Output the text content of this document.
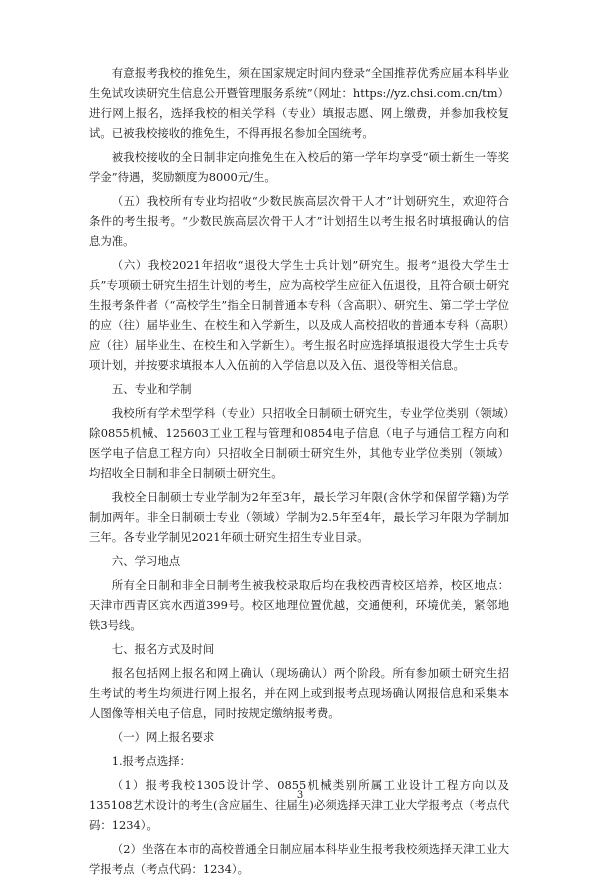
有意报考我校的推免生，须在国家规定时间内登录“全国推荐优秀应届本科毕业生免试攻读研究生信息公开暨管理服务系统”（网址：https://yz.chsi.com.cn/tm）进行网上报名，选择我校的相关学科（专业）填报志愿、网上缴费，并参加我校复试。已被我校接收的推免生，不得再报名参加全国统考。
被我校接收的全日制非定向推免生在入校后的第一学年均享受“硕士新生一等奖学金”待遇，奖励额度为8000元/生。
（五）我校所有专业均招收“少数民族高层次骨干人才”计划研究生，欢迎符合条件的考生报考。“少数民族高层次骨干人才”计划招生以考生报名时填报确认的信息为准。
（六）我校2021年招收“退役大学生士兵计划”研究生。报考“退役大学生士兵”专项硕士研究生招生计划的考生，应为高校学生应征入伍退役，且符合硕士研究生报考条件者（“高校学生”指全日制普通本专科（含高职）、研究生、第二学士学位的应（往）届毕业生、在校生和入学新生，以及成人高校招收的普通本专科（高职）应（往）届毕业生、在校生和入学新生）。考生报名时应选择填报退役大学生士兵专项计划，并按要求填报本人入伍前的入学信息以及入伍、退役等相关信息。
五、专业和学制
我校所有学术型学科（专业）只招收全日制硕士研究生，专业学位类别（领域）除0855机械、125603工业工程与管理和0854电子信息（电子与通信工程方向和医学电子信息工程方向）只招收全日制硕士研究生外，其他专业学位类别（领域）均招收全日制和非全日制硕士研究生。
我校全日制硕士专业学制为2年至3年，最长学习年限(含休学和保留学籍)为学制加两年。非全日制硕士专业（领域）学制为2.5年至4年，最长学习年限为学制加三年。各专业学制见2021年硕士研究生招生专业目录。
六、学习地点
所有全日制和非全日制考生被我校录取后均在我校西青校区培养，校区地点：天津市西青区宾水西道399号。校区地理位置优越，交通便利，环境优美，紧邻地铁3号线。
七、报名方式及时间
报名包括网上报名和网上确认（现场确认）两个阶段。所有参加硕士研究生招生考试的考生均须进行网上报名，并在网上或到报考点现场确认网报信息和采集本人图像等相关电子信息，同时按规定缴纳报考费。
（一）网上报名要求
1.报考点选择：
（1）报考我校1305设计学、0855机械类别所属工业设计工程方向以及135108艺术设计的考生(含应届生、往届生)必须选择天津工业大学报考点（考点代码：1234）。
（2）坐落在本市的高校普通全日制应届本科毕业生报考我校须选择天津工业大学报考点（考点代码：1234）。
3
